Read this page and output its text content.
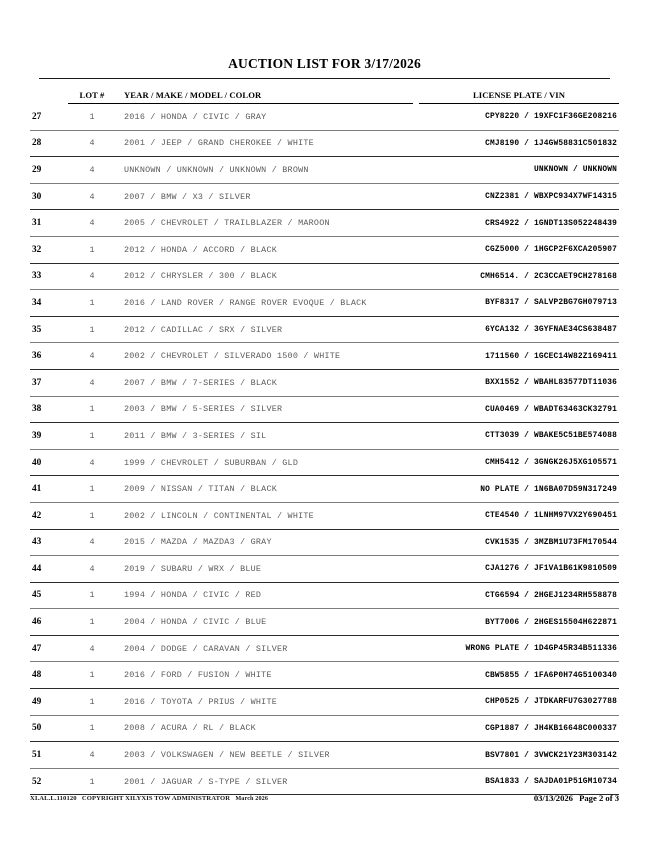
AUCTION LIST FOR 3/17/2026
	LOT #	YEAR / MAKE / MODEL / COLOR	LICENSE PLATE / VIN
27	1	2016 / HONDA / CIVIC / GRAY	CPY8220 / 19XFC1F36GE208216
28	4	2001 / JEEP / GRAND CHEROKEE / WHITE	CMJ8190 / 1J4GW58831C501832
29	4	UNKNOWN / UNKNOWN / UNKNOWN / BROWN	UNKNOWN / UNKNOWN
30	4	2007 / BMW / X3 / SILVER	CNZ2381 / WBXPC934X7WF14315
31	4	2005 / CHEVROLET / TRAILBLAZER / MAROON	CRS4922 / 1GNDT13S052248439
32	1	2012 / HONDA / ACCORD / BLACK	CGZ5000 / 1HGCP2F6XCA205907
33	4	2012 / CHRYSLER / 300 / BLACK	CMH6514. / 2C3CCAET9CH278168
34	1	2016 / LAND ROVER / RANGE ROVER EVOQUE / BLACK	BYF8317 / SALVP2BG7GH079713
35	1	2012 / CADILLAC / SRX / SILVER	6YCA132 / 3GYFNAE34CS638487
36	4	2002 / CHEVROLET / SILVERADO 1500 / WHITE	1711560 / 1GCEC14W82Z169411
37	4	2007 / BMW / 7-SERIES / BLACK	BXX1552 / WBAHL83577DT11036
38	1	2003 / BMW / 5-SERIES / SILVER	CUA0469 / WBADT63463CK32791
39	1	2011 / BMW / 3-SERIES / SIL	CTT3039 / WBAKE5C51BE574088
40	4	1999 / CHEVROLET / SUBURBAN / GLD	CMH5412 / 3GNGK26J5XG105571
41	1	2009 / NISSAN / TITAN / BLACK	NO PLATE / 1N6BA07D59N317249
42	1	2002 / LINCOLN / CONTINENTAL / WHITE	CTE4540 / 1LNHM97VX2Y690451
43	4	2015 / MAZDA / MAZDA3 / GRAY	CVK1535 / 3MZBM1U73FM170544
44	4	2019 / SUBARU / WRX / BLUE	CJA1276 / JF1VA1B61K9810509
45	1	1994 / HONDA / CIVIC / RED	CTG6594 / 2HGEJ1234RH558878
46	1	2004 / HONDA / CIVIC / BLUE	BYT7006 / 2HGES15504H622871
47	4	2004 / DODGE / CARAVAN / SILVER	WRONG PLATE / 1D4GP45R34B511336
48	1	2016 / FORD / FUSION / WHITE	CBW5855 / 1FA6P0H74G5100340
49	1	2016 / TOYOTA / PRIUS / WHITE	CHP0525 / JTDKARFU7G3027788
50	1	2008 / ACURA / RL / BLACK	CGP1887 / JH4KB16648C000337
51	4	2003 / VOLKSWAGEN / NEW BEETLE / SILVER	BSV7801 / 3VWCK21Y23M303142
52	1	2001 / JAGUAR / S-TYPE / SILVER	BSA1833 / SAJDA01P51GM10734
XI.AL.L.110120 COPYRIGHT XILYXIS TOW ADMINISTRATOR March 2026	03/13/2026 Page 2 of 3
